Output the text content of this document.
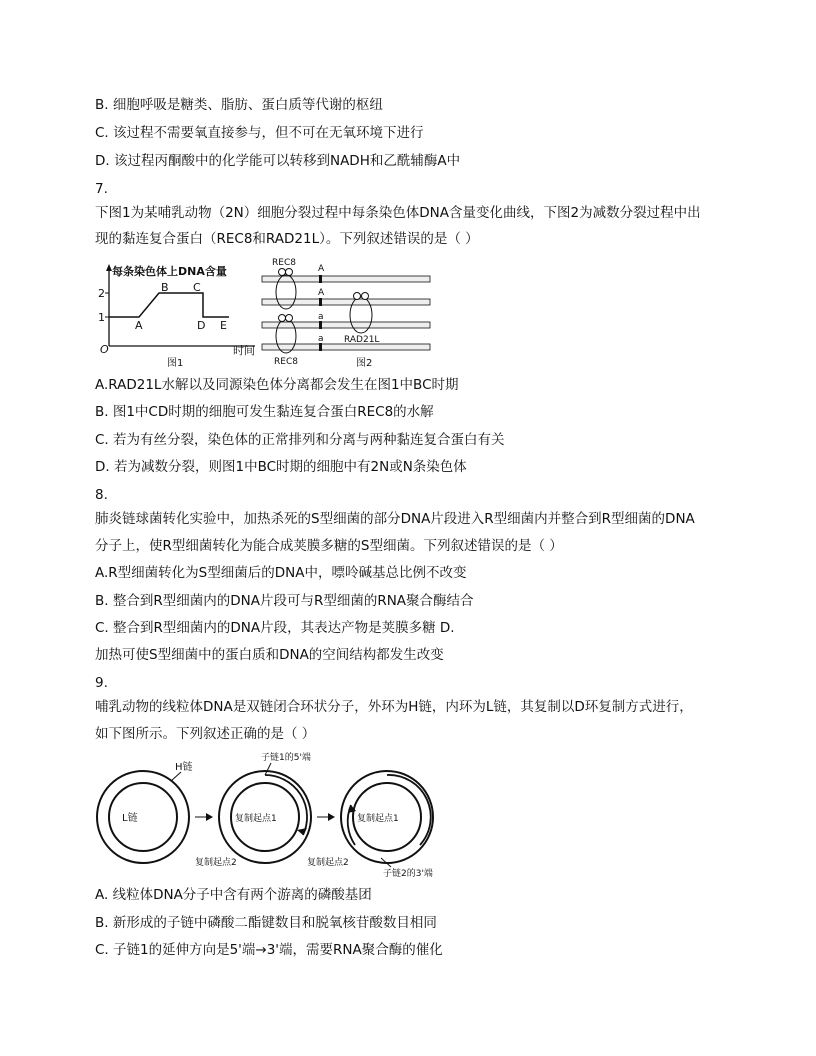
B. 细胞呼吸是糖类、脂肪、蛋白质等代谢的枢纽
C. 该过程不需要氧直接参与，但不可在无氧环境下进行
D. 该过程丙酮酸中的化学能可以转移到NADH和乙酰辅酶A中
7.
下图1为某哺乳动物（2N）细胞分裂过程中每条染色体DNA含量变化曲线，下图2为减数分裂过程中出
现的黏连复合蛋白（REC8和RAD21L）。下列叙述错误的是（ ）
每条染色体上DNA含量
2
1
A
B C
D E
O	时间
图1
REC8
A
A
a
a RAD21L
REC8	图2
A.RAD21L水解以及同源染色体分离都会发生在图1中BC时期
B. 图1中CD时期的细胞可发生黏连复合蛋白REC8的水解
C. 若为有丝分裂，染色体的正常排列和分离与两种黏连复合蛋白有关
D. 若为减数分裂，则图1中BC时期的细胞中有2N或N条染色体
8.
肺炎链球菌转化实验中，加热杀死的S型细菌的部分DNA片段进入R型细菌内并整合到R型细菌的DNA
分子上，使R型细菌转化为能合成荚膜多糖的S型细菌。下列叙述错误的是（ ）
A.R型细菌转化为S型细菌后的DNA中，嘌呤碱基总比例不改变
B. 整合到R型细菌内的DNA片段可与R型细菌的RNA聚合酶结合
C. 整合到R型细菌内的DNA片段，其表达产物是荚膜多糖 D.
加热可使S型细菌中的蛋白质和DNA的空间结构都发生改变
9.
哺乳动物的线粒体DNA是双链闭合环状分子，外环为H链，内环为L链，其复制以D环复制方式进行，
如下图所示。下列叙述正确的是（ ）
H链
L链
子链1的5'端
复制起点1
复制起点2
复制起点1
复制起点2
子链2的3'端
A. 线粒体DNA分子中含有两个游离的磷酸基团
B. 新形成的子链中磷酸二酯键数目和脱氧核苷酸数目相同
C. 子链1的延伸方向是5'端→3'端，需要RNA聚合酶的催化
